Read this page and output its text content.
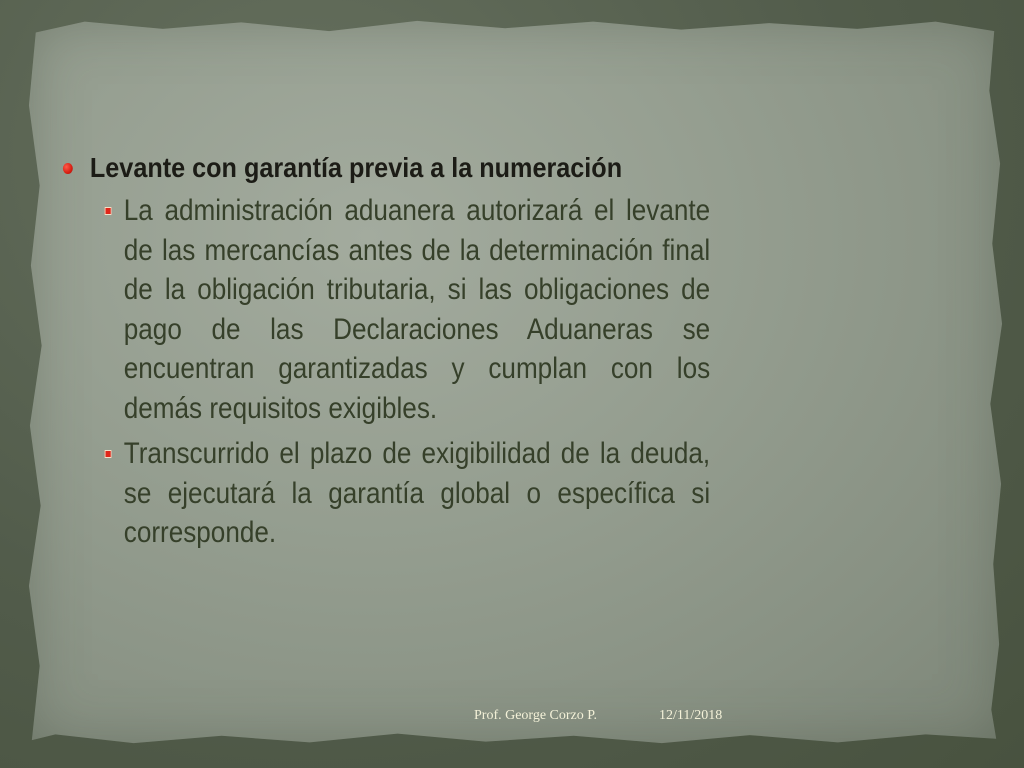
Levante con garantía previa a la numeración
La administración aduanera autorizará el levante de las mercancías antes de la determinación final de la obligación tributaria, si las obligaciones de pago de las Declaraciones Aduaneras se encuentran garantizadas y cumplan con los demás requisitos exigibles.
Transcurrido el plazo de exigibilidad de la deuda, se ejecutará la garantía global o específica si corresponde.
Prof. George Corzo P.	12/11/2018
